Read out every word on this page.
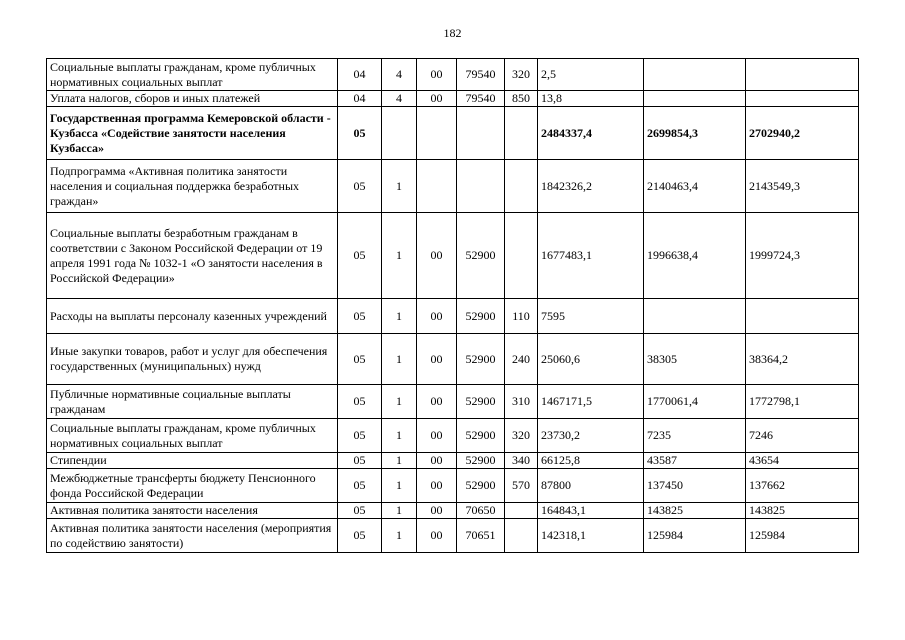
182
Социальные выплаты гражданам, кроме публичных нормативных социальных выплат	04	4	00	79540	320	2,5		
Уплата налогов, сборов и иных платежей	04	4	00	79540	850	13,8		
Государственная программа Кемеровской области - Кузбасса «Содействие занятости населения Кузбасса»	05					2484337,4	2699854,3	2702940,2
Подпрограмма «Активная политика занятости населения и социальная поддержка безработных граждан»	05	1				1842326,2	2140463,4	2143549,3
Социальные выплаты безработным гражданам в соответствии с Законом Российской Федерации от 19 апреля 1991 года № 1032-1 «О занятости населения в Российской Федерации»	05	1	00	52900		1677483,1	1996638,4	1999724,3
Расходы на выплаты персоналу казенных учреждений	05	1	00	52900	110	7595		
Иные закупки товаров, работ и услуг для обеспечения государственных (муниципальных) нужд	05	1	00	52900	240	25060,6	38305	38364,2
Публичные нормативные социальные выплаты гражданам	05	1	00	52900	310	1467171,5	1770061,4	1772798,1
Социальные выплаты гражданам, кроме публичных нормативных социальных выплат	05	1	00	52900	320	23730,2	7235	7246
Стипендии	05	1	00	52900	340	66125,8	43587	43654
Межбюджетные трансферты бюджету Пенсионного фонда Российской Федерации	05	1	00	52900	570	87800	137450	137662
Активная политика занятости населения	05	1	00	70650		164843,1	143825	143825
Активная политика занятости населения (мероприятия по содействию занятости)	05	1	00	70651		142318,1	125984	125984
